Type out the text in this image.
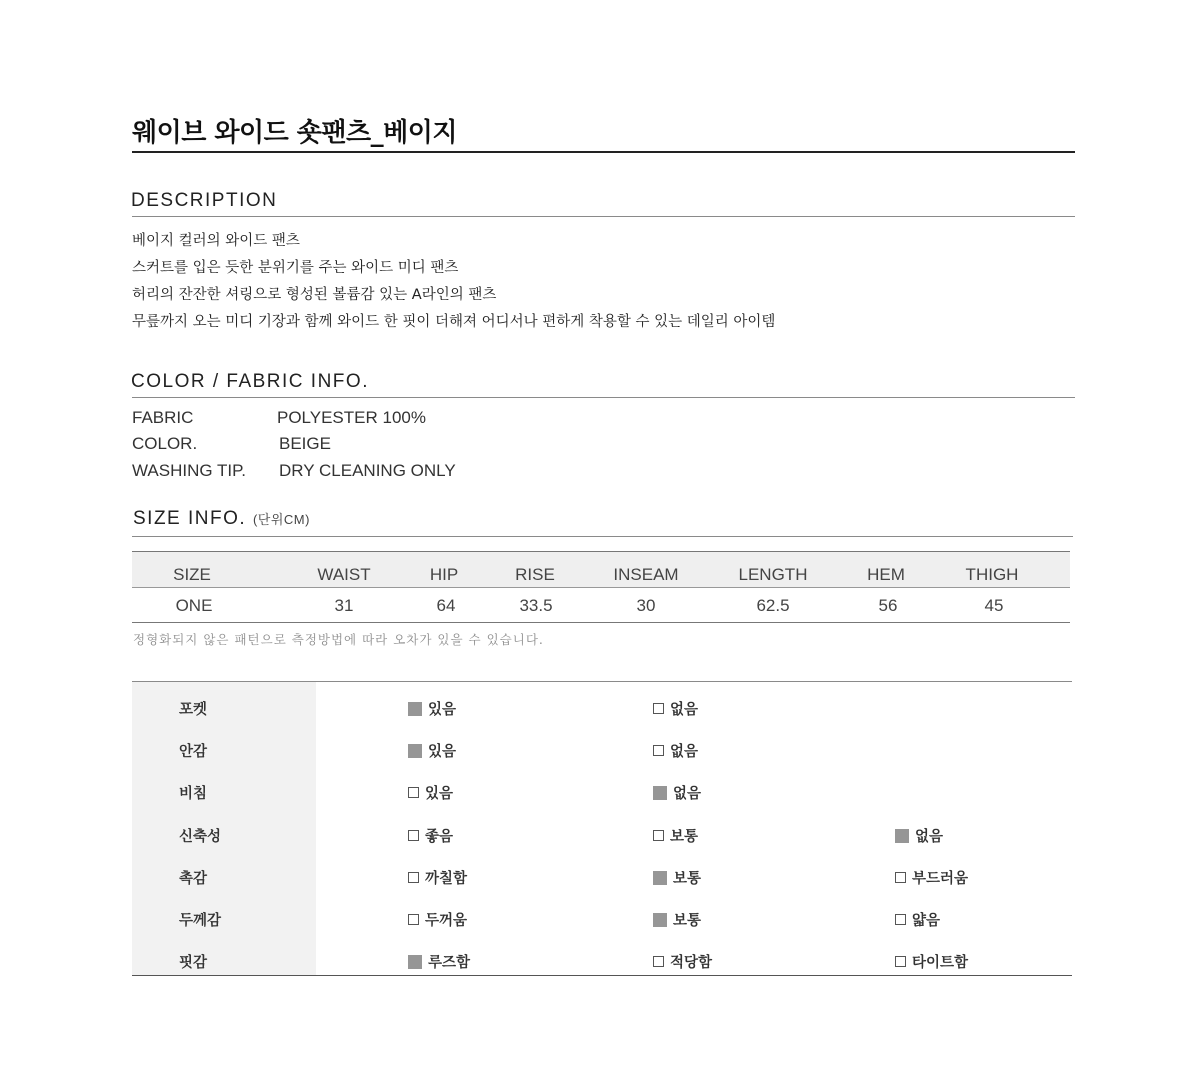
웨이브 와이드 숏팬츠_베이지
DESCRIPTION
베이지 컬러의 와이드 팬츠
스커트를 입은 듯한 분위기를 주는 와이드 미디 팬츠
허리의 잔잔한 셔링으로 형성된 볼륨감 있는 A라인의 팬츠
무릎까지 오는 미디 기장과 함께 와이드 한 핏이 더해져 어디서나 편하게 착용할 수 있는 데일리 아이템
COLOR / FABRIC INFO.
FABRIC	POLYESTER 100%
COLOR.	BEIGE
WASHING TIP. DRY CLEANING ONLY
SIZE INFO. (단위CM)
SIZE	WAIST	HIP	RISE	INSEAM	LENGTH	HEM	THIGH
ONE	31	64	33.5	30	62.5	56	45
정형화되지 않은 패턴으로 측정방법에 따라 오차가 있을 수 있습니다.
포켓	있음	없음
안감	있음	없음
비침	있음	없음
신축성	좋음	보통	없음
촉감	까칠함	보통	부드러움
두께감	두꺼움	보통	얇음
핏감	루즈함	적당함	타이트함
